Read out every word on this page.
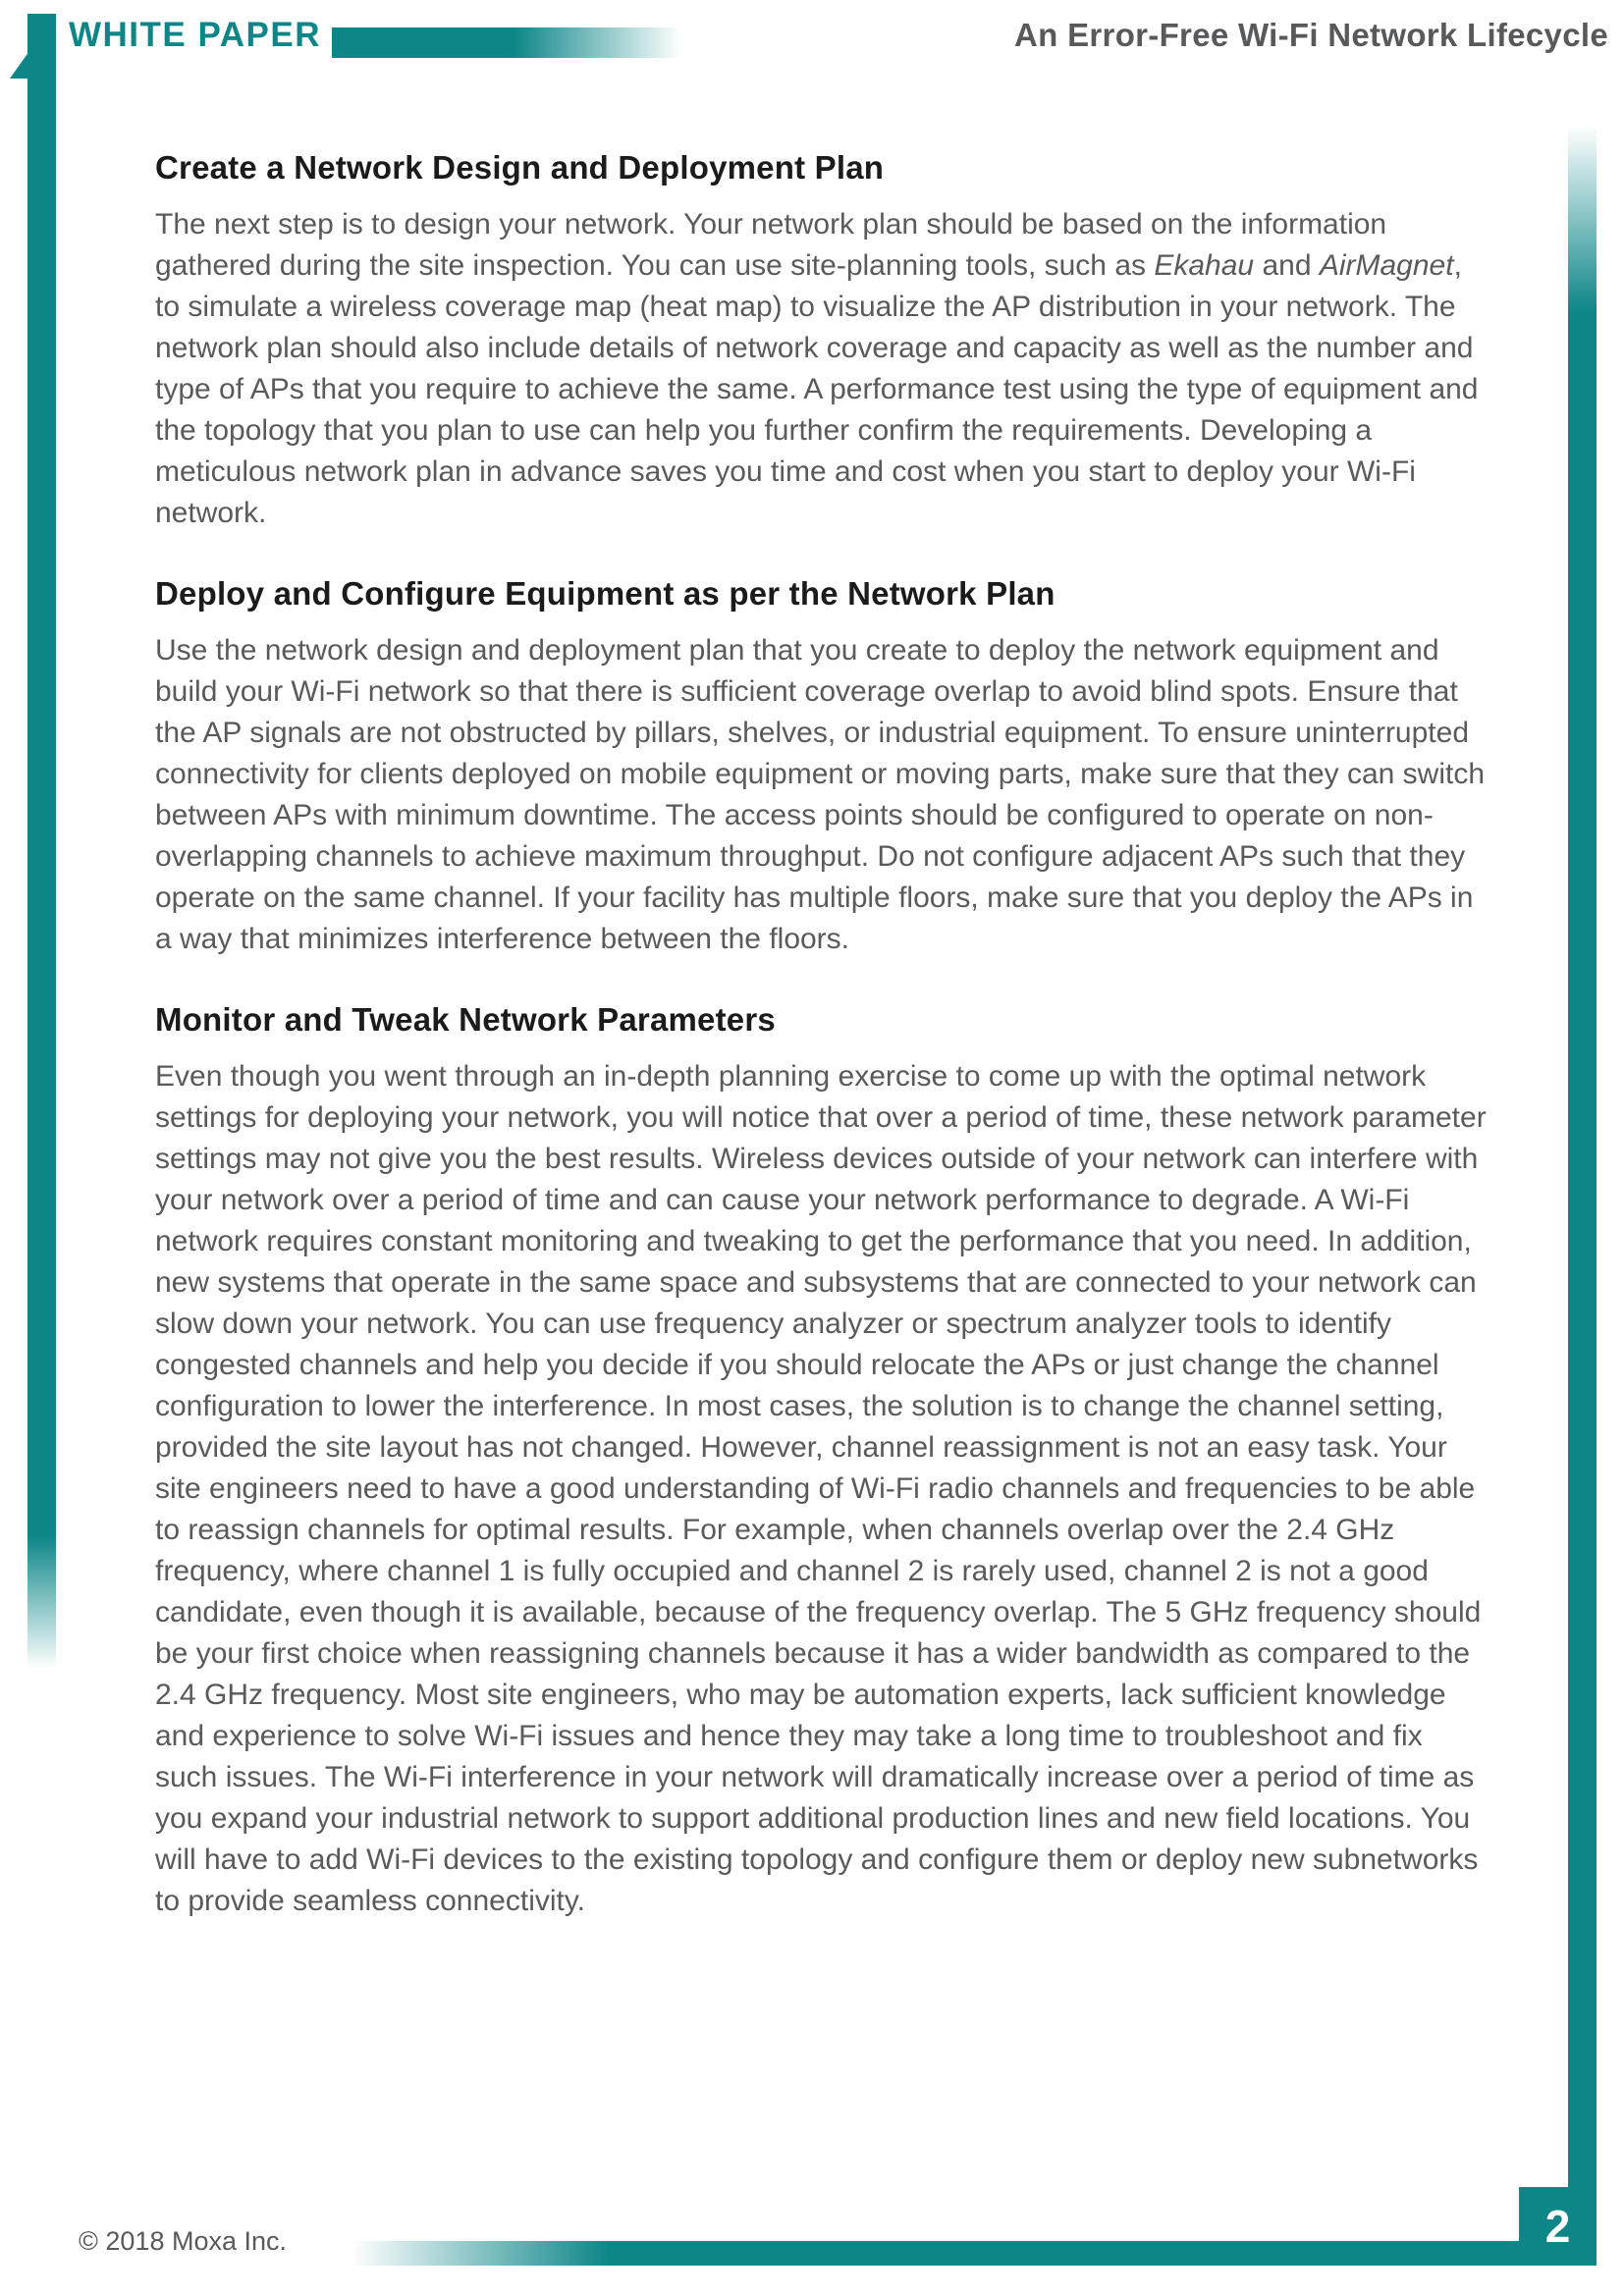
WHITE PAPER	An Error-Free Wi-Fi Network Lifecycle
Create a Network Design and Deployment Plan

The next step is to design your network. Your network plan should be based on the information gathered during the site inspection. You can use site-planning tools, such as Ekahau and AirMagnet, to simulate a wireless coverage map (heat map) to visualize the AP distribution in your network. The network plan should also include details of network coverage and capacity as well as the number and type of APs that you require to achieve the same. A performance test using the type of equipment and the topology that you plan to use can help you further confirm the requirements. Developing a meticulous network plan in advance saves you time and cost when you start to deploy your Wi-Fi network.

Deploy and Configure Equipment as per the Network Plan

Use the network design and deployment plan that you create to deploy the network equipment and build your Wi-Fi network so that there is sufficient coverage overlap to avoid blind spots. Ensure that the AP signals are not obstructed by pillars, shelves, or industrial equipment. To ensure uninterrupted connectivity for clients deployed on mobile equipment or moving parts, make sure that they can switch between APs with minimum downtime. The access points should be configured to operate on non-overlapping channels to achieve maximum throughput. Do not configure adjacent APs such that they operate on the same channel. If your facility has multiple floors, make sure that you deploy the APs in a way that minimizes interference between the floors.

Monitor and Tweak Network Parameters

Even though you went through an in-depth planning exercise to come up with the optimal network settings for deploying your network, you will notice that over a period of time, these network parameter settings may not give you the best results. Wireless devices outside of your network can interfere with your network over a period of time and can cause your network performance to degrade. A Wi-Fi network requires constant monitoring and tweaking to get the performance that you need. In addition, new systems that operate in the same space and subsystems that are connected to your network can slow down your network. You can use frequency analyzer or spectrum analyzer tools to identify congested channels and help you decide if you should relocate the APs or just change the channel configuration to lower the interference. In most cases, the solution is to change the channel setting, provided the site layout has not changed. However, channel reassignment is not an easy task. Your site engineers need to have a good understanding of Wi-Fi radio channels and frequencies to be able to reassign channels for optimal results. For example, when channels overlap over the 2.4 GHz frequency, where channel 1 is fully occupied and channel 2 is rarely used, channel 2 is not a good candidate, even though it is available, because of the frequency overlap. The 5 GHz frequency should be your first choice when reassigning channels because it has a wider bandwidth as compared to the 2.4 GHz frequency. Most site engineers, who may be automation experts, lack sufficient knowledge and experience to solve Wi-Fi issues and hence they may take a long time to troubleshoot and fix such issues. The Wi-Fi interference in your network will dramatically increase over a period of time as you expand your industrial network to support additional production lines and new field locations. You will have to add Wi-Fi devices to the existing topology and configure them or deploy new subnetworks to provide seamless connectivity.

© 2018 Moxa Inc.	2
